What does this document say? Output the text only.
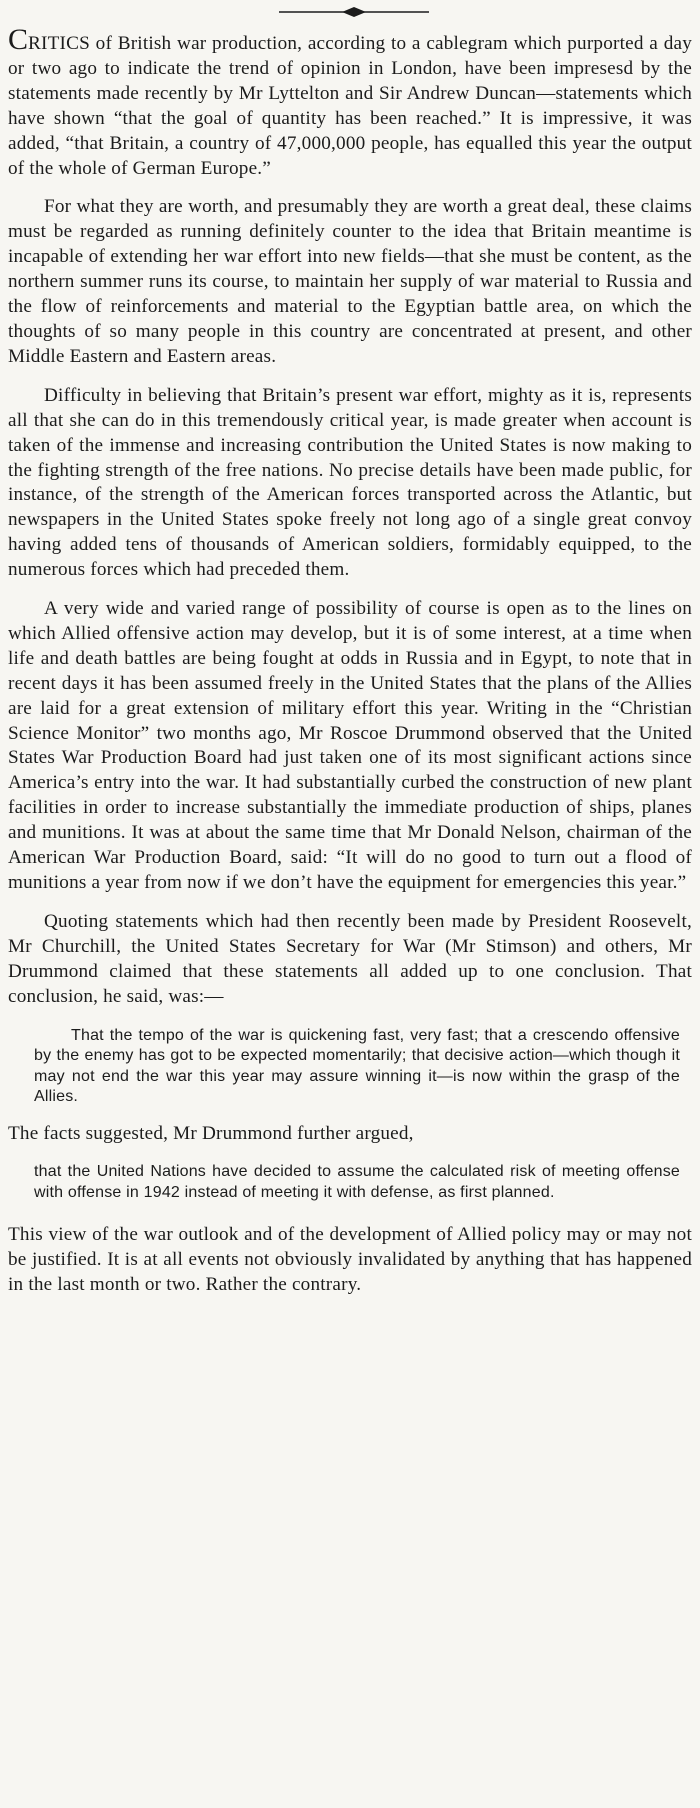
CRITICS of British war production, according to a cablegram which purported a day or two ago to indicate the trend of opinion in London, have been impresesd by the statements made recently by Mr Lyttelton and Sir Andrew Duncan—statements which have shown “that the goal of quantity has been reached.” It is impressive, it was added, “that Britain, a country of 47,000,000 people, has equalled this year the output of the whole of German Europe.”

For what they are worth, and presumably they are worth a great deal, these claims must be regarded as running definitely counter to the idea that Britain meantime is incapable of extending her war effort into new fields—that she must be content, as the northern summer runs its course, to maintain her supply of war material to Russia and the flow of reinforcements and material to the Egyptian battle area, on which the thoughts of so many people in this country are concentrated at present, and other Middle Eastern and Eastern areas.

Difficulty in believing that Britain’s present war effort, mighty as it is, represents all that she can do in this tremendously critical year, is made greater when account is taken of the immense and increasing contribution the United States is now making to the fighting strength of the free nations. No precise details have been made public, for instance, of the strength of the American forces transported across the Atlantic, but newspapers in the United States spoke freely not long ago of a single great convoy having added tens of thousands of American soldiers, formidably equipped, to the numerous forces which had preceded them.

A very wide and varied range of possibility of course is open as to the lines on which Allied offensive action may develop, but it is of some interest, at a time when life and death battles are being fought at odds in Russia and in Egypt, to note that in recent days it has been assumed freely in the United States that the plans of the Allies are laid for a great extension of military effort this year. Writing in the “Christian Science Monitor” two months ago, Mr Roscoe Drummond observed that the United States War Production Board had just taken one of its most significant actions since America’s entry into the war. It had substantially curbed the construction of new plant facilities in order to increase substantially the immediate production of ships, planes and munitions. It was at about the same time that Mr Donald Nelson, chairman of the American War Production Board, said: “It will do no good to turn out a flood of munitions a year from now if we don’t have the equipment for emergencies this year.”

Quoting statements which had then recently been made by President Roosevelt, Mr Churchill, the United States Secretary for War (Mr Stimson) and others, Mr Drummond claimed that these statements all added up to one conclusion. That conclusion, he said, was:—

That the tempo of the war is quickening fast, very fast; that a crescendo offensive by the enemy has got to be expected momentarily; that decisive action—which though it may not end the war this year may assure winning it—is now within the grasp of the Allies.

The facts suggested, Mr Drummond further argued,

that the United Nations have decided to assume the calculated risk of meeting offense with offense in 1942 instead of meeting it with defense, as first planned.

This view of the war outlook and of the development of Allied policy may or may not be justified. It is at all events not obviously invalidated by anything that has happened in the last month or two. Rather the contrary.
